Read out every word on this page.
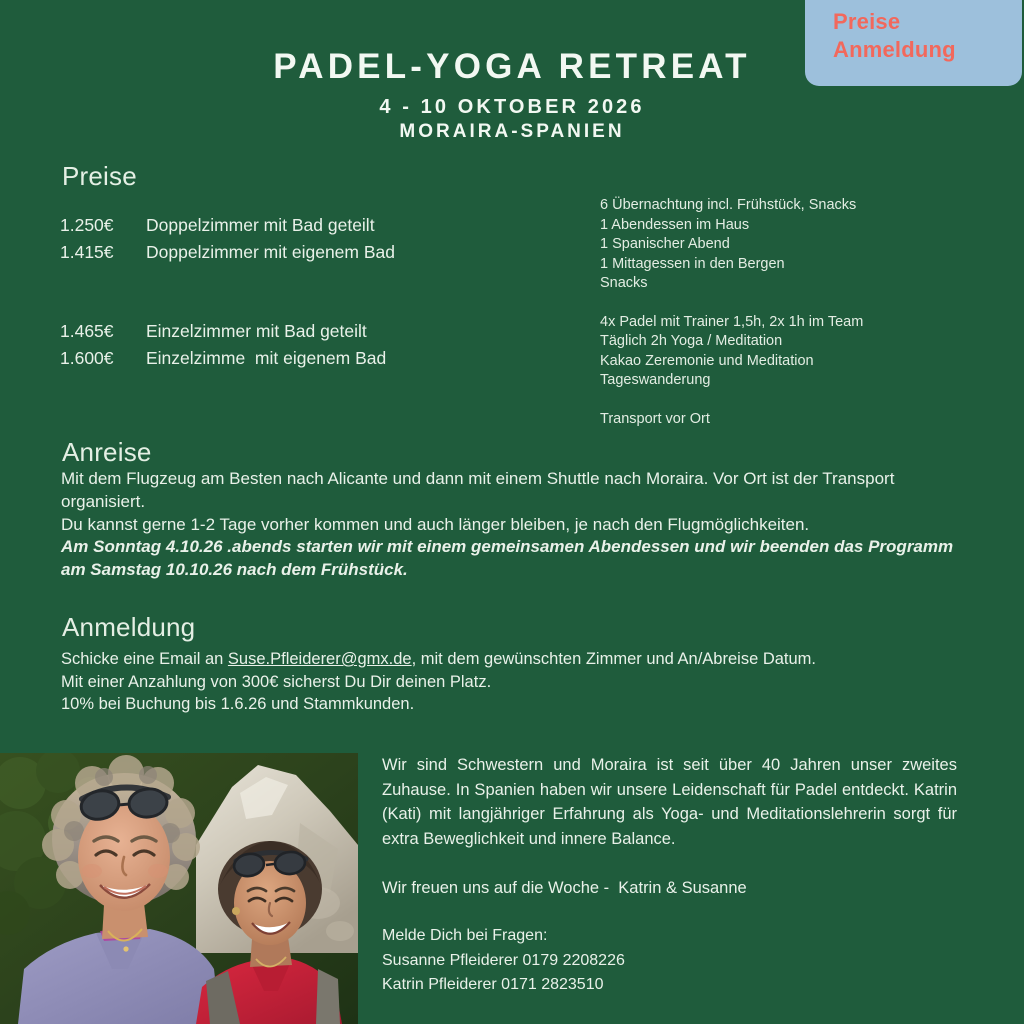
Preise
Anmeldung
PADEL-YOGA RETREAT
4 - 10 OKTOBER 2026
MORAIRA-SPANIEN
Preise
1.250€	Doppelzimmer mit Bad geteilt
1.415€	Doppelzimmer mit eigenem Bad
1.465€	Einzelzimmer mit Bad geteilt
1.600€	Einzelzimme  mit eigenem Bad
6 Übernachtung incl. Frühstück, Snacks
1 Abendessen im Haus
1 Spanischer Abend
1 Mittagessen in den Bergen
Snacks
4x Padel mit Trainer 1,5h, 2x 1h im Team
Täglich 2h Yoga / Meditation
Kakao Zeremonie und Meditation
Tageswanderung
Transport vor Ort
Anreise

Mit dem Flugzeug am Besten nach Alicante und dann mit einem Shuttle nach Moraira. Vor Ort ist der Transport organisiert.

Du kannst gerne 1-2 Tage vorher kommen und auch länger bleiben, je nach den Flugmöglichkeiten.

Am Sonntag 4.10.26 .abends starten wir mit einem gemeinsamen Abendessen und wir beenden das Programm am Samstag 10.10.26 nach dem Frühstück.

Anmeldung

Schicke eine Email an Suse.Pfleiderer@gmx.de, mit dem gewünschten Zimmer und An/Abreise Datum.

Mit einer Anzahlung von 300€ sicherst Du Dir deinen Platz.

10% bei Buchung bis 1.6.26 und Stammkunden.

Wir sind Schwestern und Moraira ist seit über 40 Jahren unser zweites Zuhause. In Spanien haben wir unsere Leidenschaft für Padel entdeckt. Katrin (Kati) mit langjähriger Erfahrung als Yoga- und Meditationslehrerin sorgt für extra Beweglichkeit und innere Balance.
Wir freuen uns auf die Woche -  Katrin & Susanne
Melde Dich bei Fragen:
Susanne Pfleiderer 0179 2208226
Katrin Pfleiderer 0171 2823510
